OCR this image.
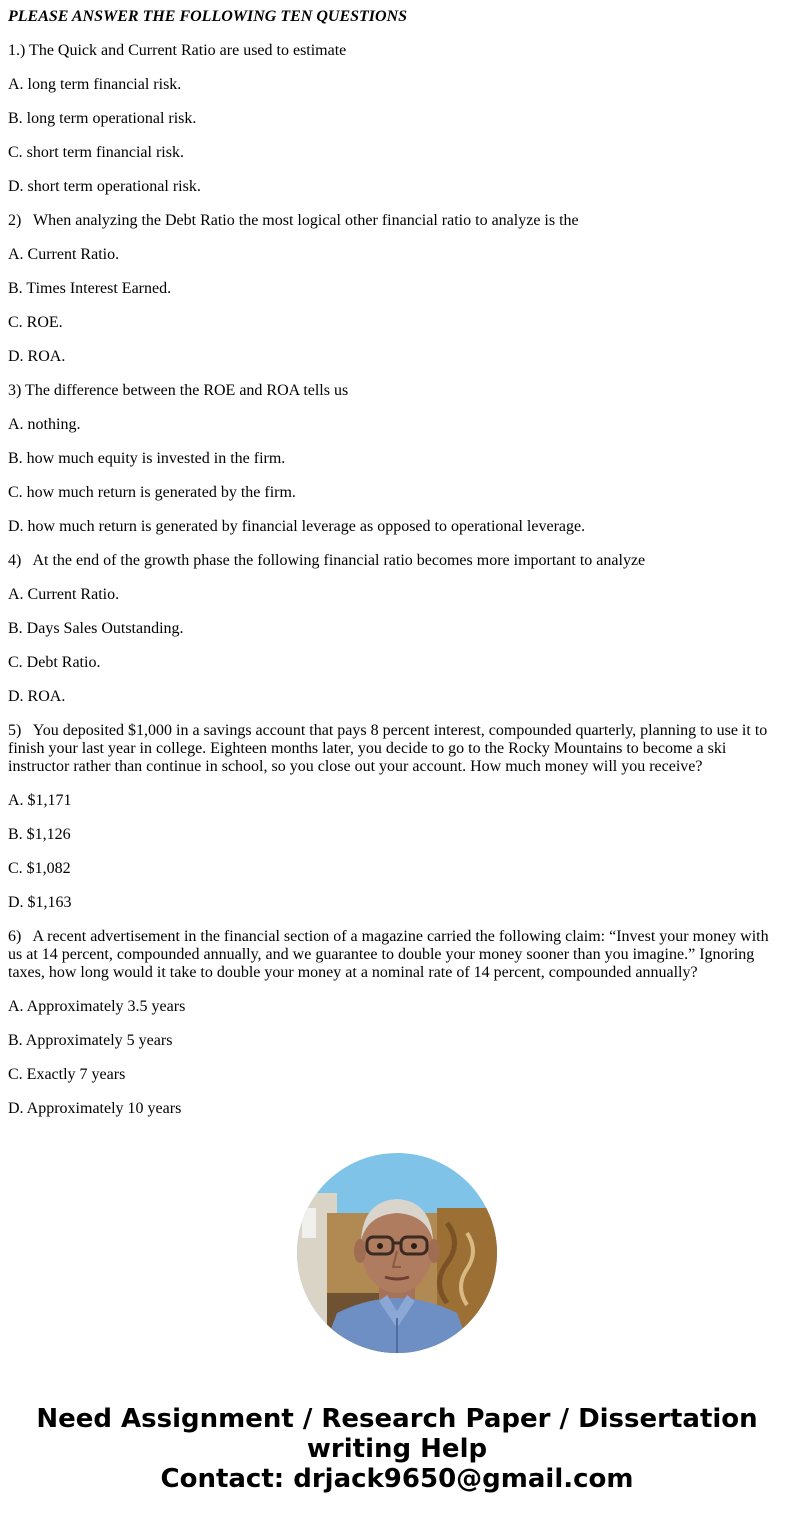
PLEASE ANSWER THE FOLLOWING TEN QUESTIONS

1.) The Quick and Current Ratio are used to estimate

A. long term financial risk.

B. long term operational risk.

C. short term financial risk.

D. short term operational risk.

2)   When analyzing the Debt Ratio the most logical other financial ratio to analyze is the

A. Current Ratio.

B. Times Interest Earned.

C. ROE.

D. ROA.

3) The difference between the ROE and ROA tells us

A. nothing.

B. how much equity is invested in the firm.

C. how much return is generated by the firm.

D. how much return is generated by financial leverage as opposed to operational leverage.

4)   At the end of the growth phase the following financial ratio becomes more important to analyze

A. Current Ratio.

B. Days Sales Outstanding.

C. Debt Ratio.

D. ROA.

5)   You deposited $1,000 in a savings account that pays 8 percent interest, compounded quarterly, planning to use it to finish your last year in college. Eighteen months later, you decide to go to the Rocky Mountains to become a ski instructor rather than continue in school, so you close out your account. How much money will you receive?

A. $1,171

B. $1,126

C. $1,082

D. $1,163

6)   A recent advertisement in the financial section of a magazine carried the following claim: “Invest your money with us at 14 percent, compounded annually, and we guarantee to double your money sooner than you imagine.” Ignoring taxes, how long would it take to double your money at a nominal rate of 14 percent, compounded annually?

A. Approximately 3.5 years

B. Approximately 5 years

C. Exactly 7 years

D. Approximately 10 years

Need Assignment / Research Paper / Dissertation
writing Help
Contact: drjack9650@gmail.com
